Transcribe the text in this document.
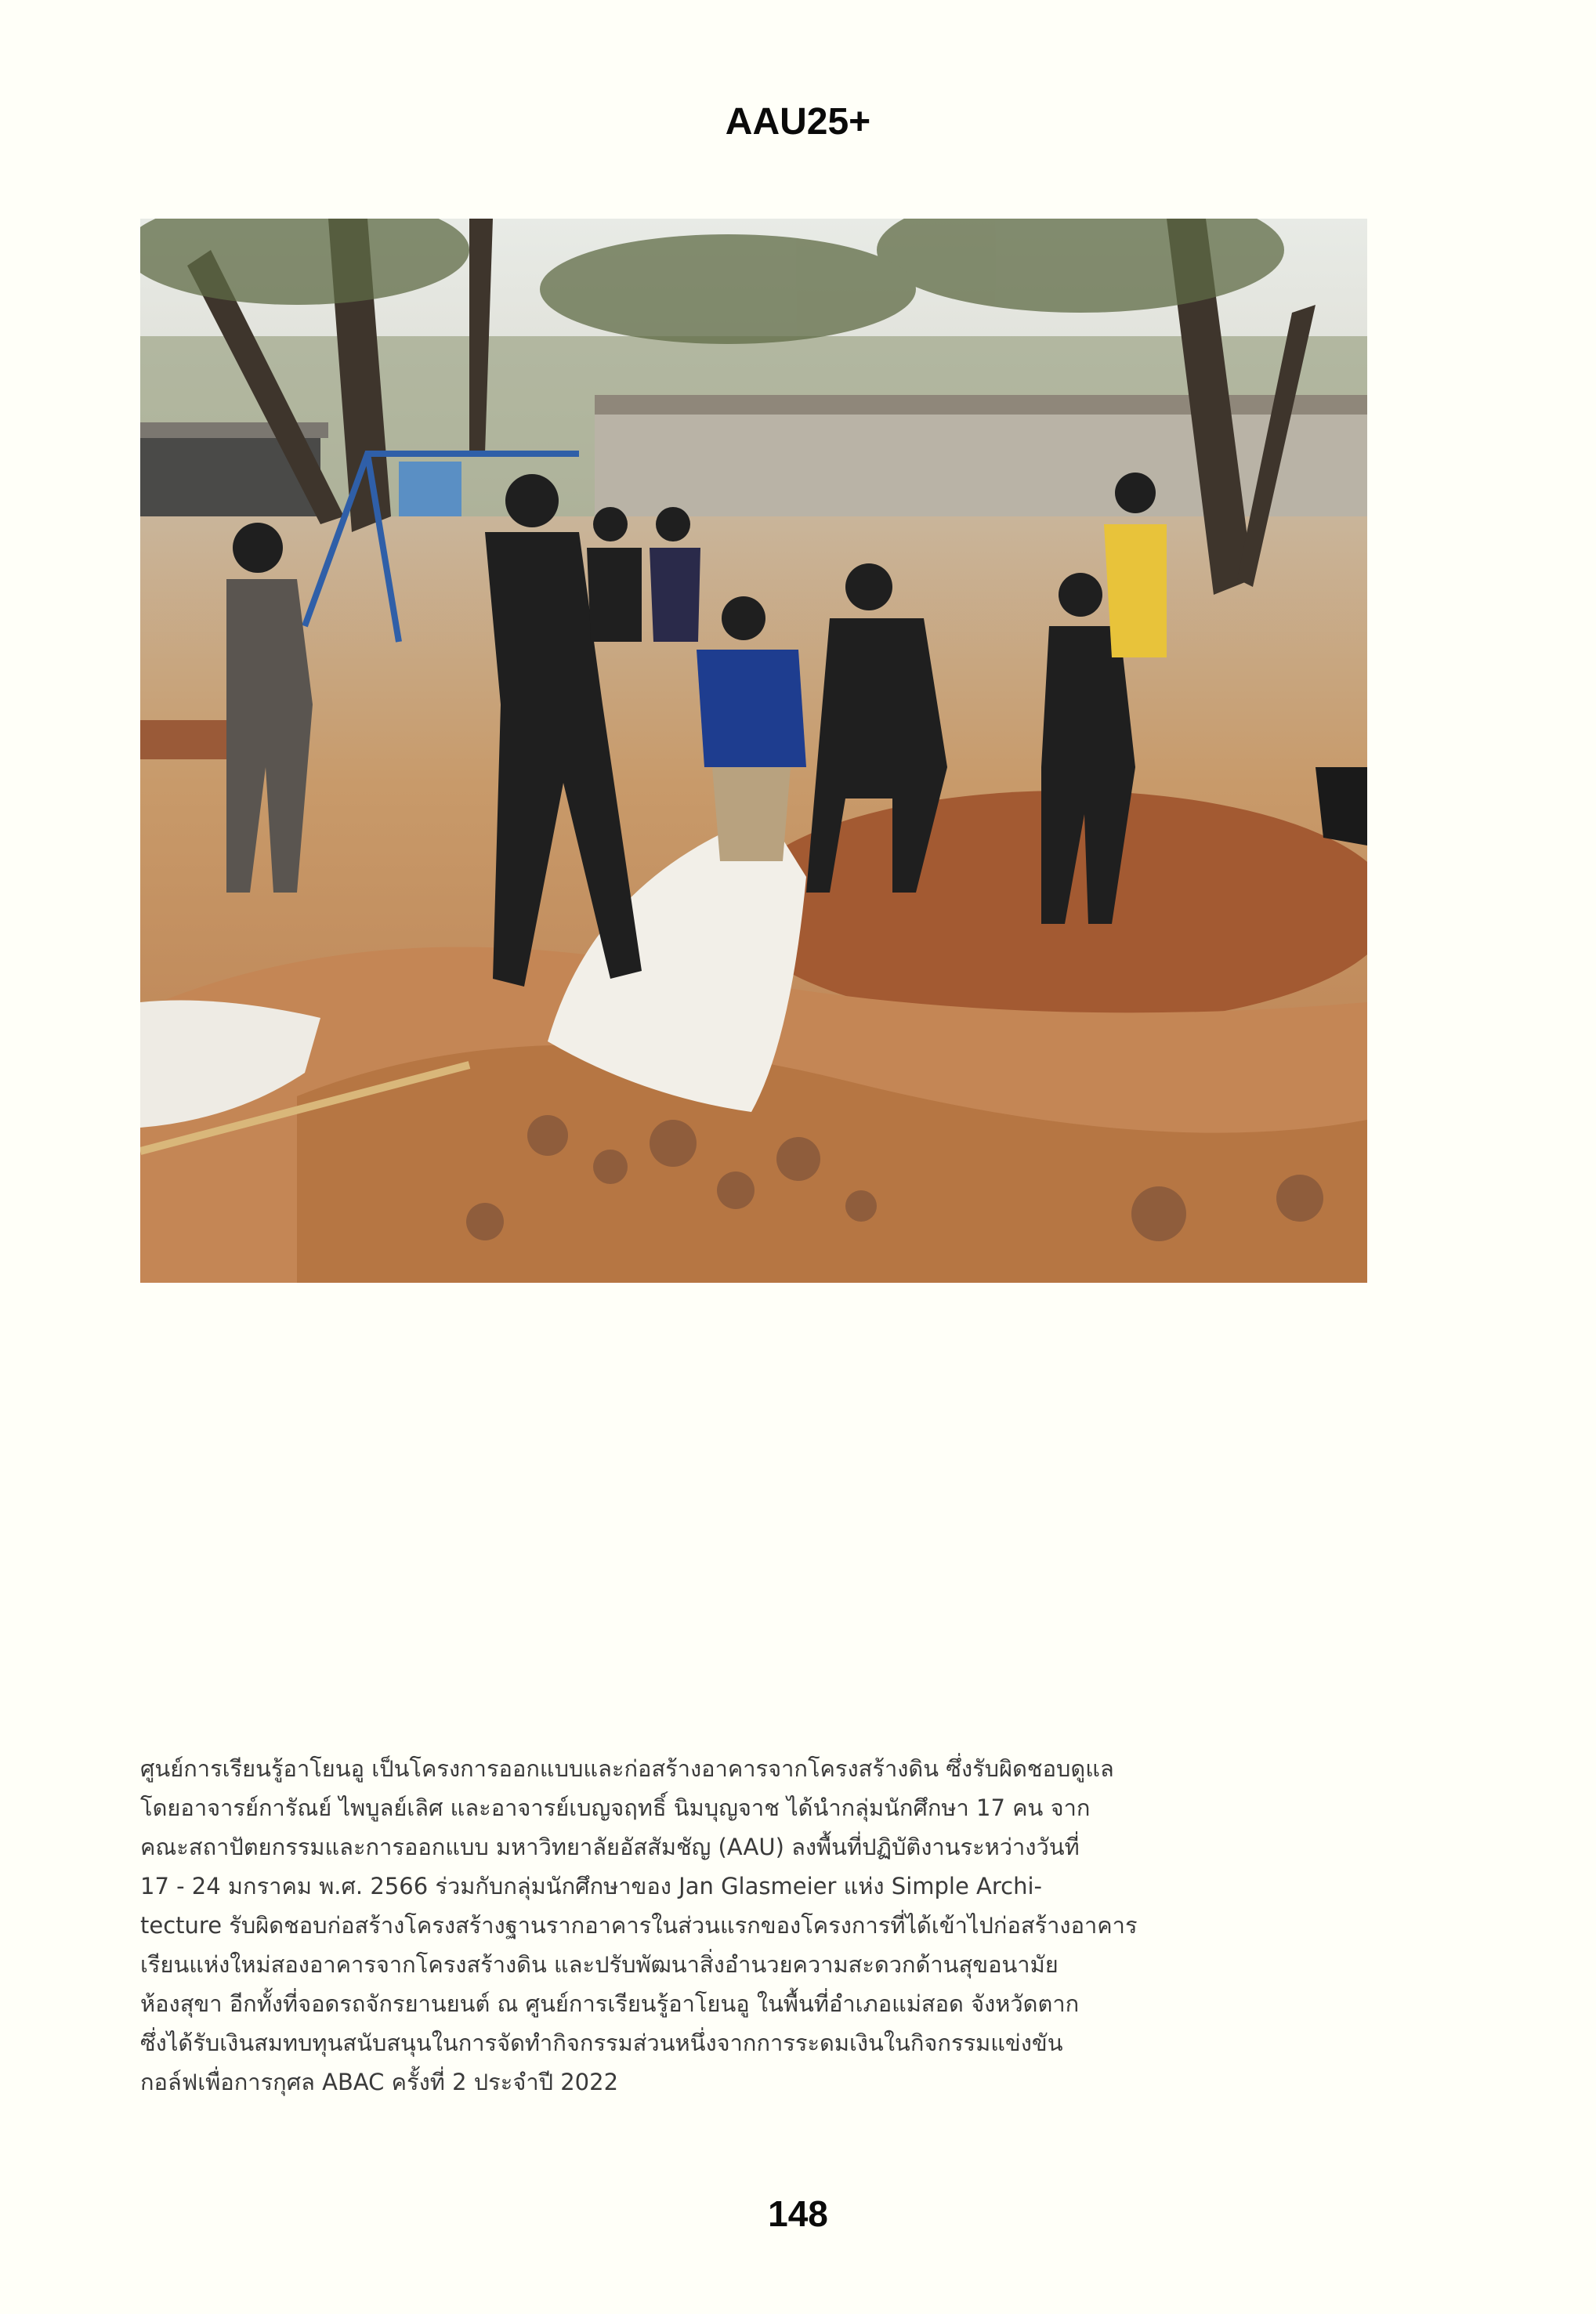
AAU25+
ศูนย์การเรียนรู้อาโยนอู เป็นโครงการออกแบบและก่อสร้างอาคารจากโครงสร้างดิน ซึ่งรับผิดชอบดูแล
โดยอาจารย์การัณย์ ไพบูลย์เลิศ และอาจารย์เบญจฤทธิ์ นิมบุญจาช ได้นำกลุ่มนักศึกษา 17 คน จาก
คณะสถาปัตยกรรมและการออกแบบ มหาวิทยาลัยอัสสัมชัญ (AAU) ลงพื้นที่ปฏิบัติงานระหว่างวันที่
17 - 24 มกราคม พ.ศ. 2566 ร่วมกับกลุ่มนักศึกษาของ Jan Glasmeier แห่ง Simple Archi-
tecture รับผิดชอบก่อสร้างโครงสร้างฐานรากอาคารในส่วนแรกของโครงการที่ได้เข้าไปก่อสร้างอาคาร
เรียนแห่งใหม่สองอาคารจากโครงสร้างดิน และปรับพัฒนาสิ่งอำนวยความสะดวกด้านสุขอนามัย
ห้องสุขา อีกทั้งที่จอดรถจักรยานยนต์ ณ ศูนย์การเรียนรู้อาโยนอู ในพื้นที่อำเภอแม่สอด จังหวัดตาก
ซึ่งได้รับเงินสมทบทุนสนับสนุนในการจัดทำกิจกรรมส่วนหนึ่งจากการระดมเงินในกิจกรรมแข่งขัน
กอล์ฟเพื่อการกุศล ABAC ครั้งที่ 2 ประจำปี 2022
148
